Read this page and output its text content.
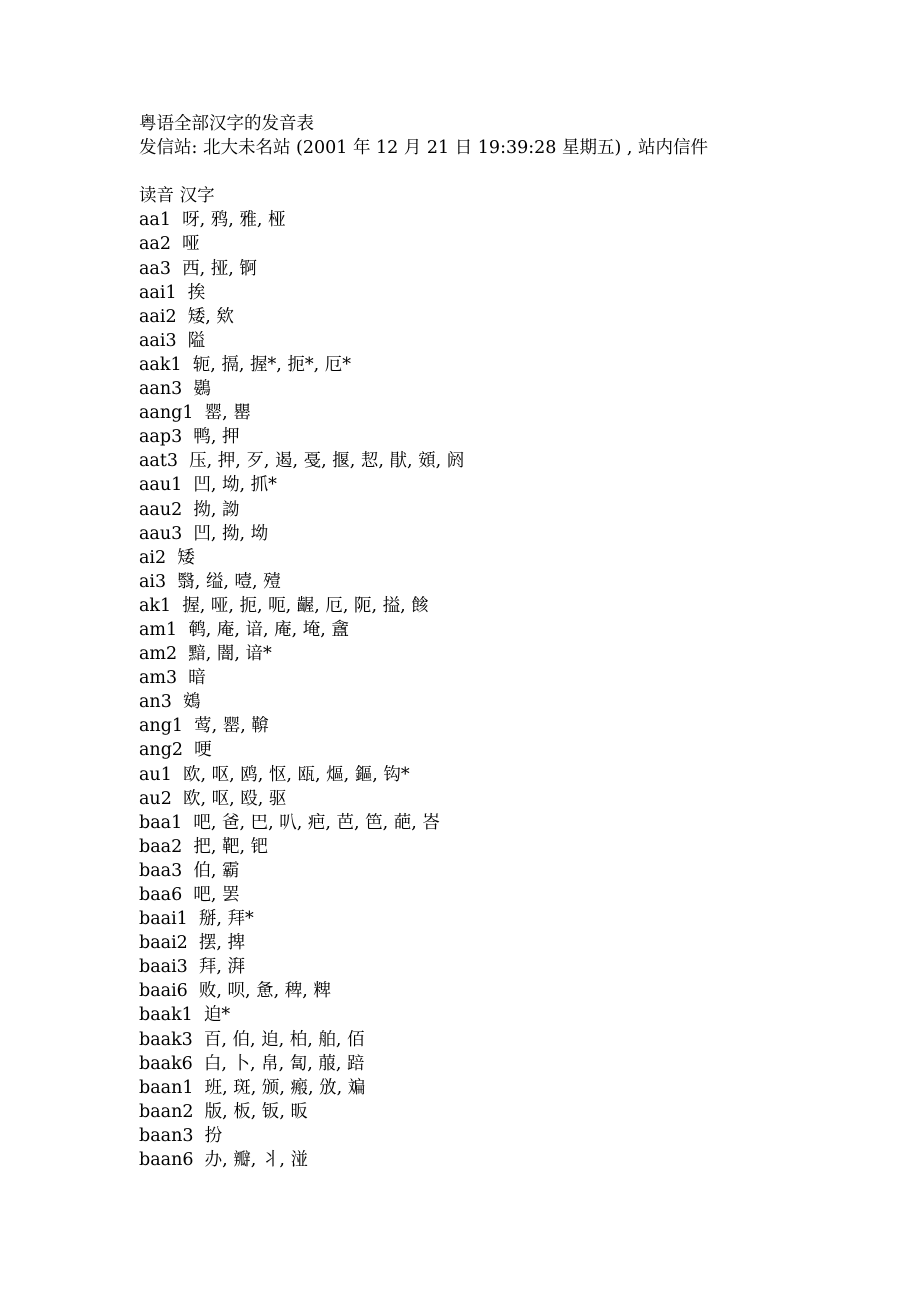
粤语全部汉字的发音表
发信站: 北大未名站 (2001 年 12 月 21 日 19:39:28 星期五) , 站内信件
读音 汉字
aa1  呀, 鸦, 雅, 桠
aa2  哑
aa3  西, 挜, 锕
aai1  挨
aai2  矮, 欸
aai3  隘
aak1  轭, 搹, 握*, 扼*, 厄*
aan3  鷃
aang1  罂, 罌
aap3  鸭, 押
aat3  压, 押, 歹, 遏, 戞, 揠, 恝, 猒, 頞, 阏
aau1  凹, 坳, 抓*
aau2  拗, 詏
aau3  凹, 拗, 坳
ai2  矮
ai3  翳, 缢, 噎, 殪
ak1  握, 哑, 扼, 呃, 齷, 厄, 阨, 搤, 餩
am1  鹌, 庵, 谙, 庵, 埯, 盦
am2  黯, 闇, 谙*
am3  暗
an3  鴳
ang1  莺, 罂, 鞥
ang2  哽
au1  欧, 呕, 鸥, 怄, 瓯, 熰, 鏂, 钩*
au2  欧, 呕, 殴, 驱
baa1  吧, 爸, 巴, 叭, 疤, 芭, 笆, 葩, 峇
baa2  把, 靶, 钯
baa3  伯, 霸
baa6  吧, 罢
baai1  掰, 拜*
baai2  摆, 捭
baai3  拜, 湃
baai6  败, 呗, 惫, 稗, 粺
baak1  迫*
baak3  百, 伯, 迫, 柏, 舶, 佰
baak6  白, 卜, 帛, 匐, 菔, 踣
baan1  班, 斑, 颁, 瘢, 攽, 斒
baan2  版, 板, 钣, 昄
baan3  扮
baan6  办, 瓣, 丬, 湴
